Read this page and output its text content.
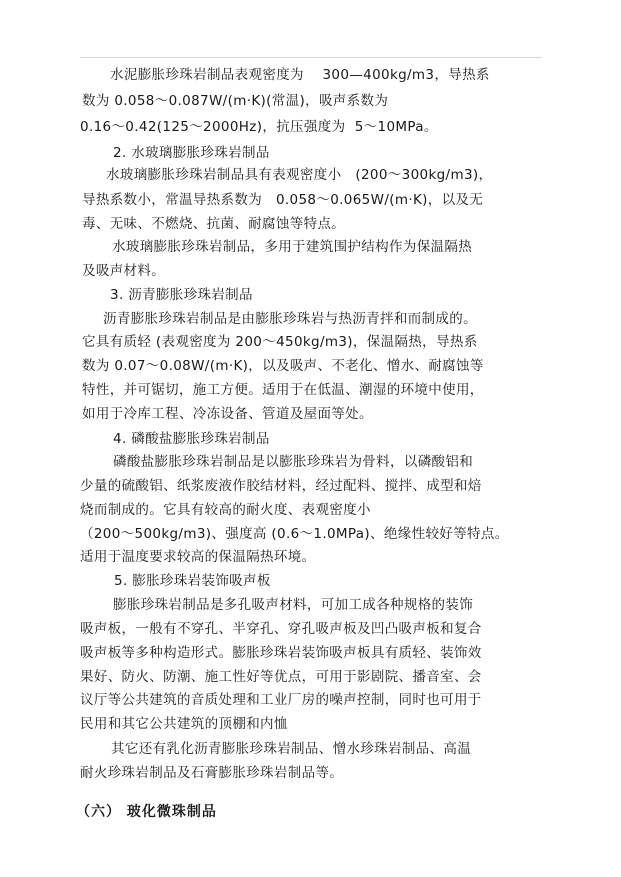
水泥膨胀珍珠岩制品表观密度为    300—400kg/m3，导热系
数为 0.058～0.087W/(m·K)(常温)，吸声系数为
0.16～0.42(125～2000Hz)，抗压强度为  5～10MPa。
2. 水玻璃膨胀珍珠岩制品
水玻璃膨胀珍珠岩制品具有表观密度小   (200～300kg/m3)，
导热系数小，常温导热系数为   0.058～0.065W/(m·K)，以及无
毒、无味、不燃烧、抗菌、耐腐蚀等特点。
水玻璃膨胀珍珠岩制品，多用于建筑围护结构作为保温隔热
及吸声材料。
3. 沥青膨胀珍珠岩制品
沥青膨胀珍珠岩制品是由膨胀珍珠岩与热沥青拌和而制成的。
它具有质轻 (表观密度为 200～450kg/m3)，保温隔热，导热系
数为 0.07～0.08W/(m·K)，以及吸声、不老化、憎水、耐腐蚀等
特性，并可锯切，施工方便。适用于在低温、潮湿的环境中使用，
如用于冷库工程、冷冻设备、管道及屋面等处。
4. 磷酸盐膨胀珍珠岩制品
磷酸盐膨胀珍珠岩制品是以膨胀珍珠岩为骨料，以磷酸铝和
少量的硫酸铝、纸浆废液作胶结材料，经过配料、搅拌、成型和焙
烧而制成的。它具有较高的耐火度、表观密度小
（200～500kg/m3)、强度高 (0.6～1.0MPa)、绝缘性较好等特点。
适用于温度要求较高的保温隔热环境。
5. 膨胀珍珠岩装饰吸声板
膨胀珍珠岩制品是多孔吸声材料，可加工成各种规格的装饰
吸声板，一般有不穿孔、半穿孔、穿孔吸声板及凹凸吸声板和复合
吸声板等多种构造形式。膨胀珍珠岩装饰吸声板具有质轻、装饰效
果好、防火、防潮、施工性好等优点，可用于影剧院、播音室、会
议厅等公共建筑的音质处理和工业厂房的噪声控制，同时也可用于
民用和其它公共建筑的顶棚和内恤
其它还有乳化沥青膨胀珍珠岩制品、憎水珍珠岩制品、高温
耐火珍珠岩制品及石膏膨胀珍珠岩制品等。
（六） 玻化微珠制品
